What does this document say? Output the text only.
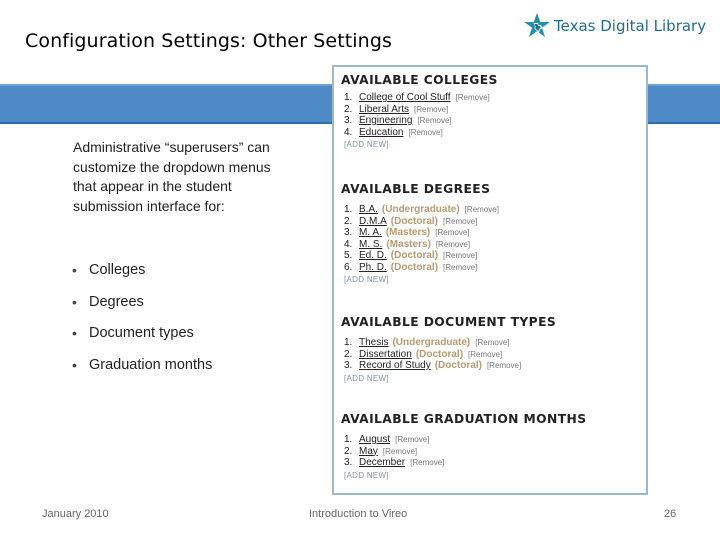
Configuration Settings: Other Settings
Texas Digital Library
Administrative “superusers” can customize the dropdown menus that appear in the student submission interface for:
• Colleges
• Degrees
• Document types
• Graduation months
AVAILABLE COLLEGES
1. College of Cool Stuff [Remove]
2. Liberal Arts [Remove]
3. Engineering [Remove]
4. Education [Remove]
[ADD NEW]
AVAILABLE DEGREES
1. B.A. (Undergraduate) [Remove]
2. D.M.A (Doctoral) [Remove]
3. M. A. (Masters) [Remove]
4. M. S. (Masters) [Remove]
5. Ed. D. (Doctoral) [Remove]
6. Ph. D. (Doctoral) [Remove]
[ADD NEW]
AVAILABLE DOCUMENT TYPES
1. Thesis (Undergraduate) [Remove]
2. Dissertation (Doctoral) [Remove]
3. Record of Study (Doctoral) [Remove]
[ADD NEW]
AVAILABLE GRADUATION MONTHS
1. August [Remove]
2. May [Remove]
3. December [Remove]
[ADD NEW]
January 2010	Introduction to Vireo	26
